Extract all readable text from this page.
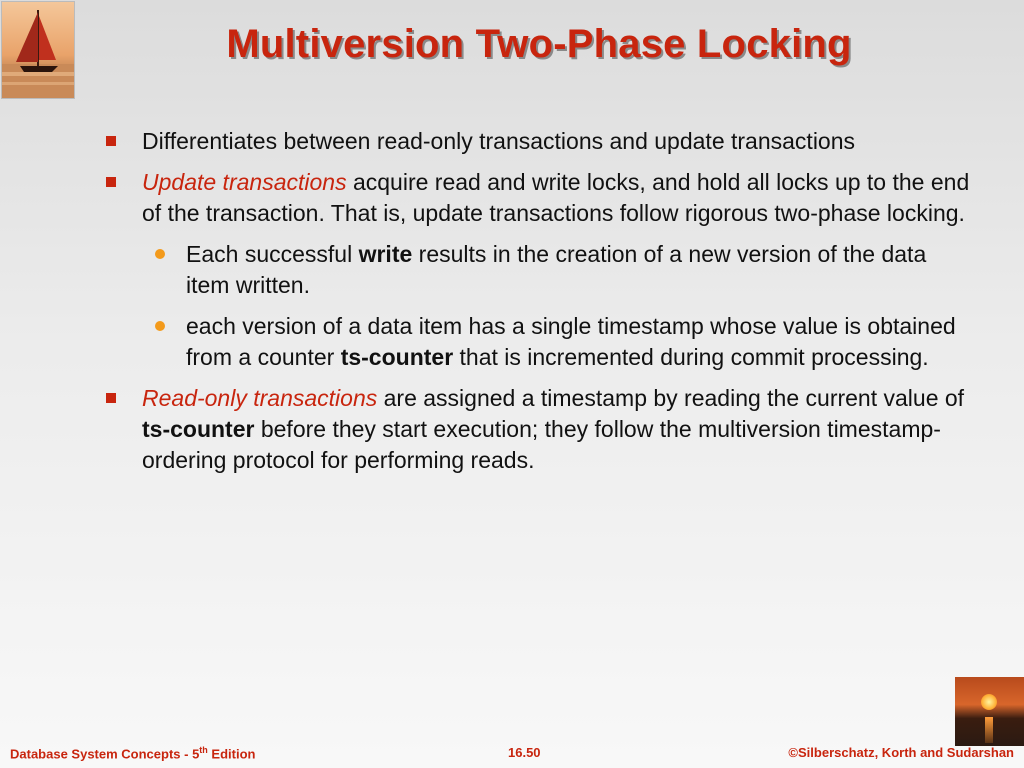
Multiversion Two-Phase Locking
Differentiates between read-only transactions and update transactions
Update transactions acquire read and write locks, and hold all locks up to the end of the transaction. That is, update transactions follow rigorous two-phase locking.
Each successful write results in the creation of a new version of the data item written.
each version of a data item has a single timestamp whose value is obtained from a counter ts-counter that is incremented during commit processing.
Read-only transactions are assigned a timestamp by reading the current value of ts-counter before they start execution; they follow the multiversion timestamp-ordering protocol for performing reads.
Database System Concepts - 5th Edition	16.50	©Silberschatz, Korth and Sudarshan
